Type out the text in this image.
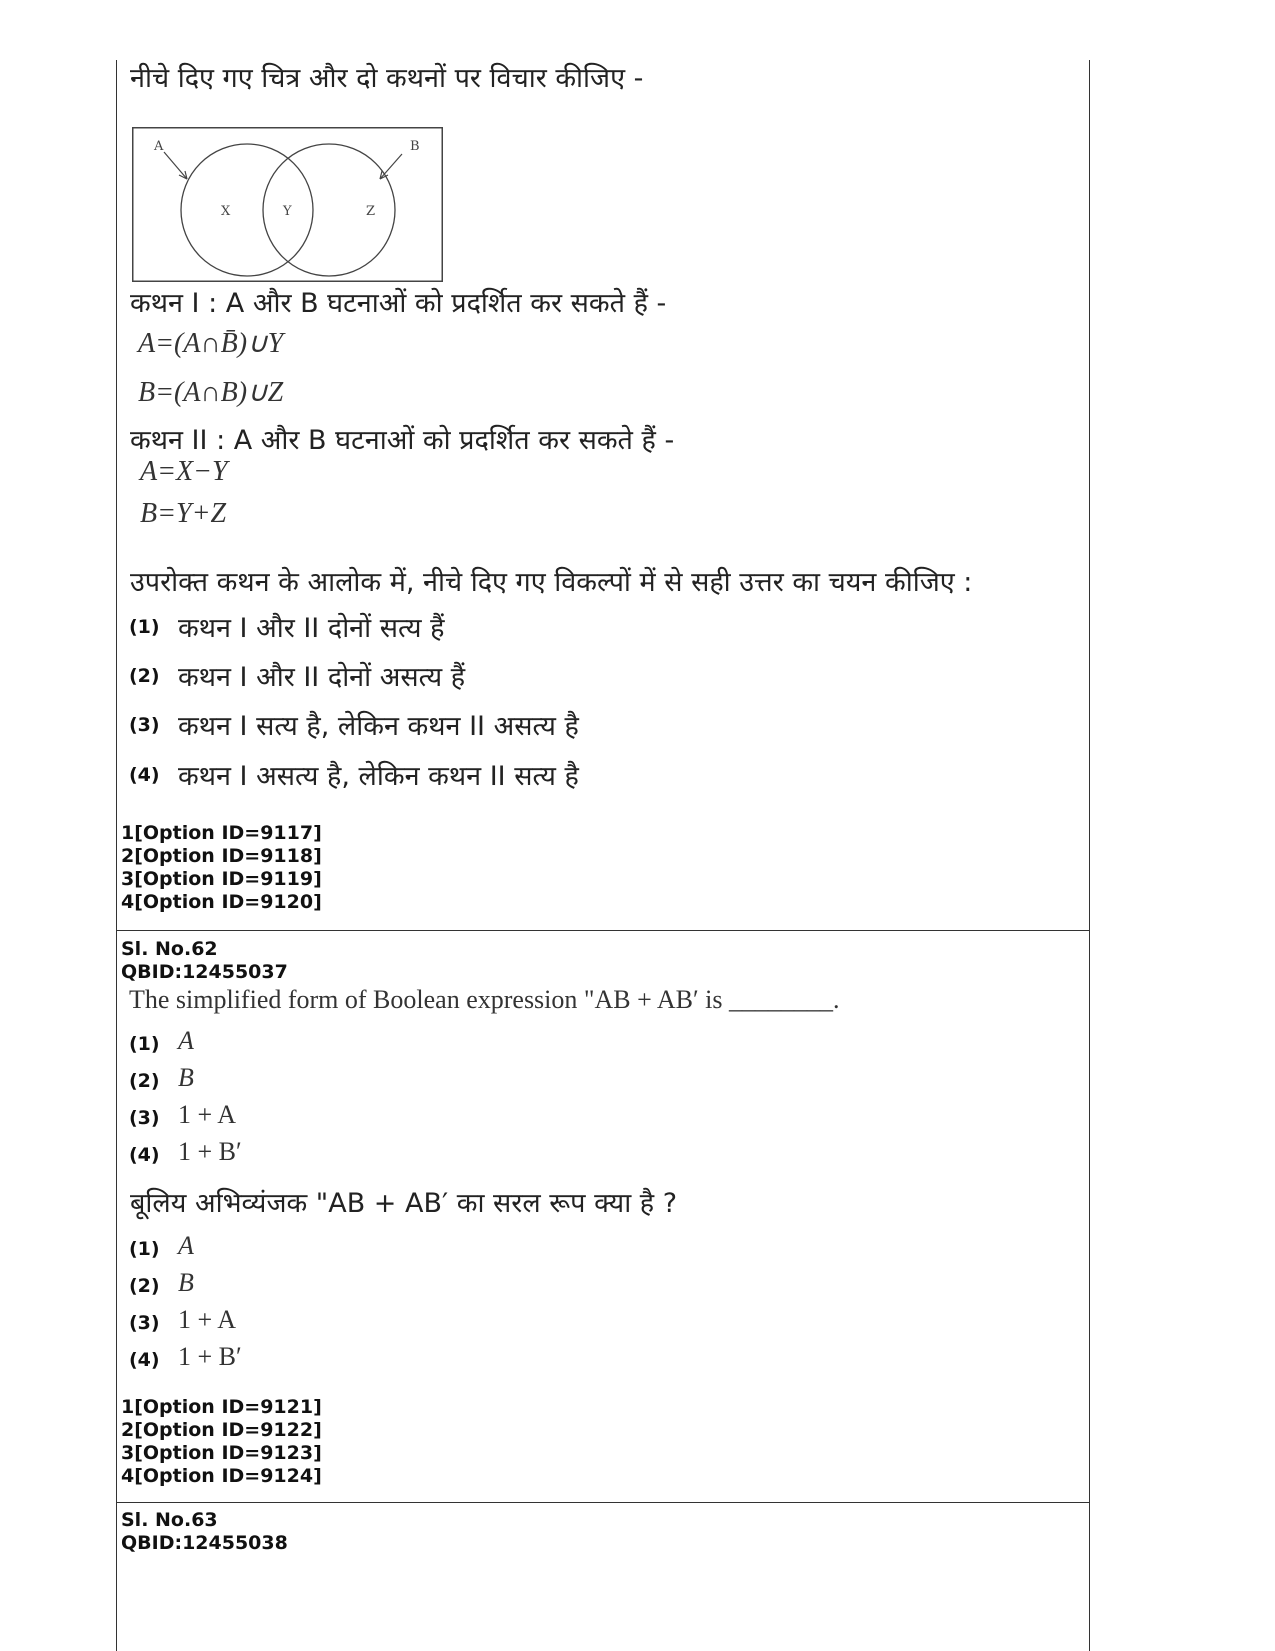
नीचे दिए गए चित्र और दो कथनों पर विचार कीजिए -
A	B
X	Y	Z
कथन I : A और B घटनाओं को प्रदर्शित कर सकते हैं -
A=(A∩B̄)∪Y
B=(A∩B)∪Z
कथन II : A और B घटनाओं को प्रदर्शित कर सकते हैं -
A=X−Y
B=Y+Z
उपरोक्त कथन के आलोक में, नीचे दिए गए विकल्पों में से सही उत्तर का चयन कीजिए :
(1) कथन I और II दोनों सत्य हैं
(2) कथन I और II दोनों असत्य हैं
(3) कथन I सत्य है, लेकिन कथन II असत्य है
(4) कथन I असत्य है, लेकिन कथन II सत्य है
1[Option ID=9117]
2[Option ID=9118]
3[Option ID=9119]
4[Option ID=9120]
Sl. No.62
QBID:12455037
The simplified form of Boolean expression "AB + AB′ is ________.
(1) A
(2) B
(3) 1 + A
(4) 1 + B′
बूलिय अभिव्यंजक "AB + AB′ का सरल रूप क्या है ?
(1) A
(2) B
(3) 1 + A
(4) 1 + B′
1[Option ID=9121]
2[Option ID=9122]
3[Option ID=9123]
4[Option ID=9124]
Sl. No.63
QBID:12455038
